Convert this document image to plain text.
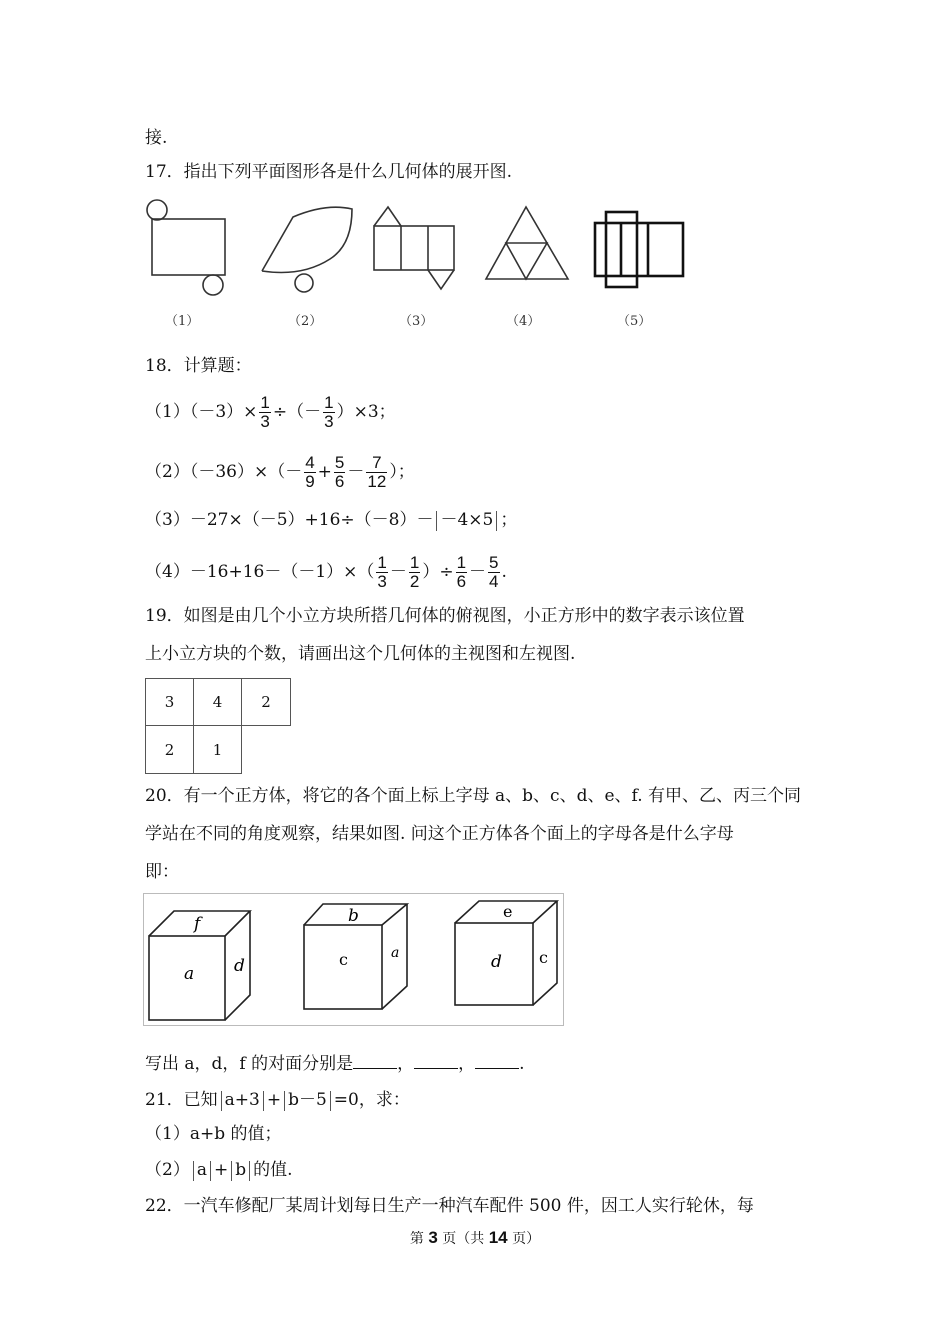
接.
17．指出下列平面图形各是什么几何体的展开图.
（1）	（2）	（3）	（4）	（5）
18．计算题：
$(1)(-3)\times \frac{1}{3}$ ÷（－ $\frac{1}{3} )\times 3$；
$(2)(-36)\times(- \frac{4}{9} + \frac{5}{6} - \frac{7}{12}$ ）；
（3）－27×（－5）+16÷（－8）－ －4×5 ；
$(4)-16+16-(-1)\times( \frac{1}{3} - \frac{1}{2}$ ）÷ $\frac{1}{6} - \frac{5}{4}$ .
19．如图是由几个小立方块所搭几何体的俯视图，小正方形中的数字表示该位置
上小立方块的个数，请画出这个几何体的主视图和左视图.
3	4	2
2	1
20．有一个正方体，将它的各个面上标上字母 a、b、c、d、e、f. 有甲、乙、丙三个同
学站在不同的角度观察，结果如图. 问这个正方体各个面上的字母各是什么字母
即：
f
a d
b
c	a
e
d c
写出 a，d，f 的对面分别是	，	，	.
21．已知 a+3 + b－5 =0，求：
（1）a+b 的值；
（2） a + b 的值.
22．一汽车修配厂某周计划每日生产一种汽车配件 500 件，因工人实行轮休，每
第 3 页（共 14 页）
